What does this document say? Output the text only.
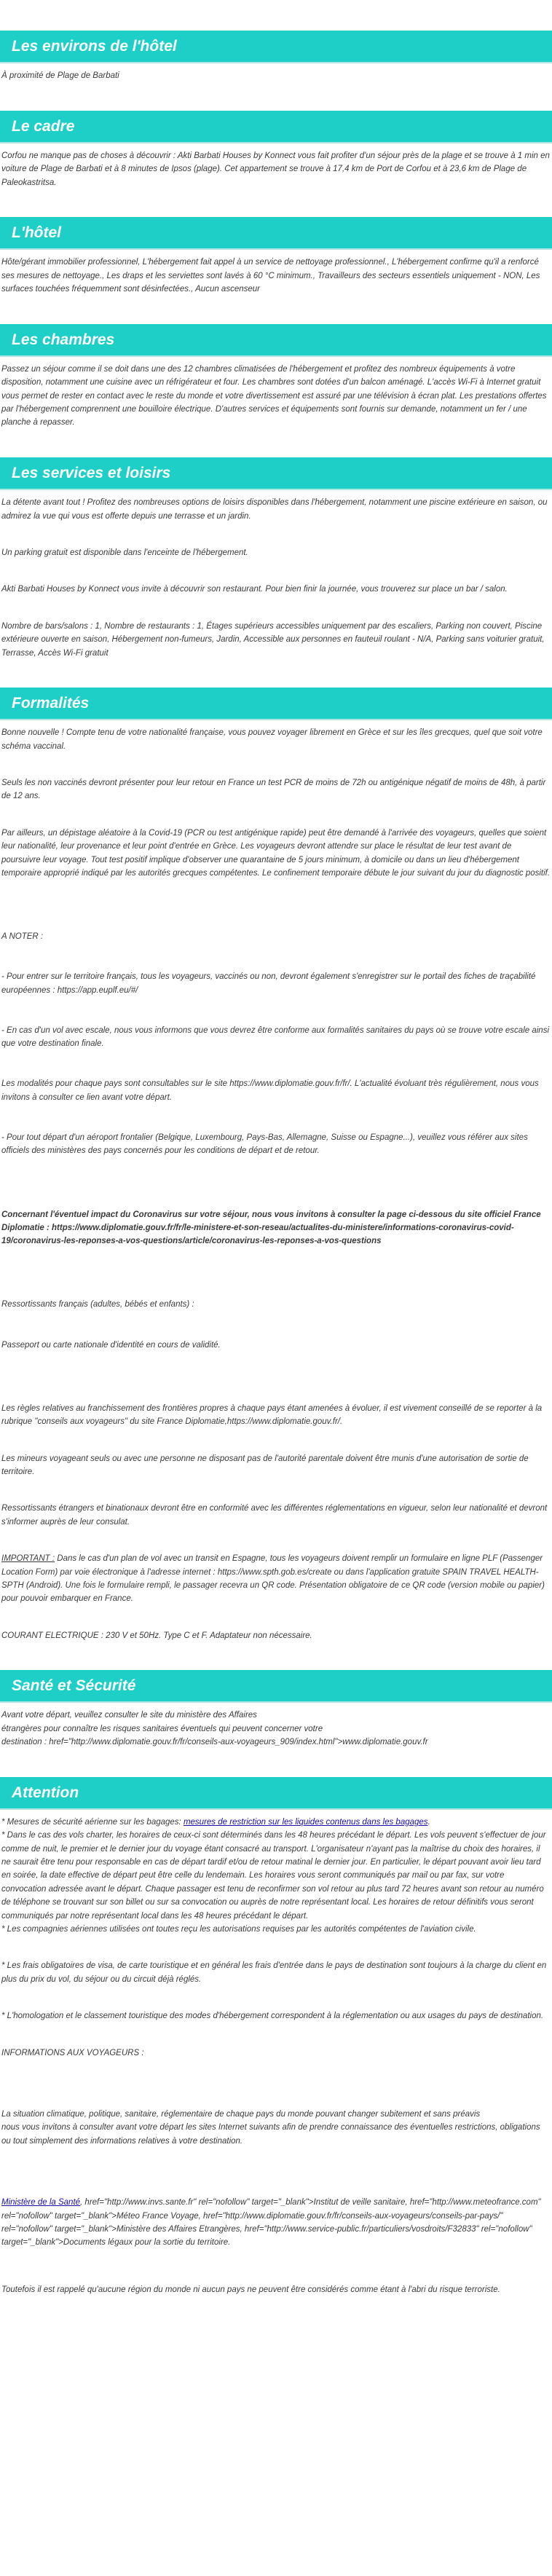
Les environs de l'hôtel

À proximité de Plage de Barbati

Le cadre

Corfou ne manque pas de choses à découvrir : Akti Barbati Houses by Konnect vous fait profiter d'un séjour près de la plage et se trouve à 1 min en voiture de Plage de Barbati et à 8 minutes de Ipsos (plage). Cet appartement se trouve à 17,4 km de Port de Corfou et à 23,6 km de Plage de Paleokastritsa.

L'hôtel

Hôte/gérant immobilier professionnel, L'hébergement fait appel à un service de nettoyage professionnel., L'hébergement confirme qu'il a renforcé ses mesures de nettoyage., Les draps et les serviettes sont lavés à 60 °C minimum., Travailleurs des secteurs essentiels uniquement - NON, Les surfaces touchées fréquemment sont désinfectées., Aucun ascenseur

Les chambres

Passez un séjour comme il se doit dans une des 12 chambres climatisées de l'hébergement et profitez des nombreux équipements à votre disposition, notamment une cuisine avec un réfrigérateur et four. Les chambres sont dotées d'un balcon aménagé. L'accès Wi-Fi à Internet gratuit vous permet de rester en contact avec le reste du monde et votre divertissement est assuré par une télévision à écran plat. Les prestations offertes par l'hébergement comprennent une bouilloire électrique. D'autres services et équipements sont fournis sur demande, notamment un fer / une planche à repasser.

Les services et loisirs

La détente avant tout ! Profitez des nombreuses options de loisirs disponibles dans l'hébergement, notamment une piscine extérieure en saison, ou admirez la vue qui vous est offerte depuis une terrasse et un jardin.

Un parking gratuit est disponible dans l'enceinte de l'hébergement.

Akti Barbati Houses by Konnect vous invite à découvrir son restaurant. Pour bien finir la journée, vous trouverez sur place un bar / salon.

Nombre de bars/salons : 1, Nombre de restaurants : 1, Étages supérieurs accessibles uniquement par des escaliers, Parking non couvert, Piscine extérieure ouverte en saison, Hébergement non-fumeurs, Jardin, Accessible aux personnes en fauteuil roulant - N/A, Parking sans voiturier gratuit, Terrasse, Accès Wi-Fi gratuit

Formalités

Bonne nouvelle ! Compte tenu de votre nationalité française, vous pouvez voyager librement en Grèce et sur les îles grecques, quel que soit votre schéma vaccinal.

Seuls les non vaccinés devront présenter pour leur retour en France un test PCR de moins de 72h ou antigénique négatif de moins de 48h, à partir de 12 ans.

Par ailleurs, un dépistage aléatoire à la Covid-19 (PCR ou test antigénique rapide) peut être demandé à l'arrivée des voyageurs, quelles que soient leur nationalité, leur provenance et leur point d'entrée en Grèce. Les voyageurs devront attendre sur place le résultat de leur test avant de poursuivre leur voyage. Tout test positif implique d'observer une quarantaine de 5 jours minimum, à domicile ou dans un lieu d'hébergement temporaire approprié indiqué par les autorités grecques compétentes. Le confinement temporaire débute le jour suivant du jour du diagnostic positif.

A NOTER :

- Pour entrer sur le territoire français, tous les voyageurs, vaccinés ou non, devront également s'enregistrer sur le portail des fiches de traçabilité européennes : https://app.euplf.eu/#/

- En cas d'un vol avec escale, nous vous informons que vous devrez être conforme aux formalités sanitaires du pays où se trouve votre escale ainsi que votre destination finale.

Les modalités pour chaque pays sont consultables sur le site https://www.diplomatie.gouv.fr/fr/. L'actualité évoluant très régulièrement, nous vous invitons à consulter ce lien avant votre départ.

- Pour tout départ d'un aéroport frontalier (Belgique, Luxembourg, Pays-Bas, Allemagne, Suisse ou Espagne...), veuillez vous référer aux sites officiels des ministères des pays concernés pour les conditions de départ et de retour.

Concernant l'éventuel impact du Coronavirus sur votre séjour, nous vous invitons à consulter la page ci-dessous du site officiel France Diplomatie : https://www.diplomatie.gouv.fr/fr/le-ministere-et-son-reseau/actualites-du-ministere/informations-coronavirus-covid-19/coronavirus-les-reponses-a-vos-questions/article/coronavirus-les-reponses-a-vos-questions

Ressortissants français (adultes, bébés et enfants) :

Passeport ou carte nationale d'identité en cours de validité.

Les règles relatives au franchissement des frontières propres à chaque pays étant amenées à évoluer, il est vivement conseillé de se reporter à la rubrique "conseils aux voyageurs" du site France Diplomatie,https://www.diplomatie.gouv.fr/.

Les mineurs voyageant seuls ou avec une personne ne disposant pas de l'autorité parentale doivent être munis d'une autorisation de sortie de territoire.

Ressortissants étrangers et binationaux devront être en conformité avec les différentes réglementations en vigueur, selon leur nationalité et devront s'informer auprès de leur consulat.

IMPORTANT : Dans le cas d'un plan de vol avec un transit en Espagne, tous les voyageurs doivent remplir un formulaire en ligne PLF (Passenger Location Form) par voie électronique à l'adresse internet : https://www.spth.gob.es/create ou dans l'application gratuite SPAIN TRAVEL HEALTH-SPTH (Android). Une fois le formulaire rempli, le passager recevra un QR code. Présentation obligatoire de ce QR code (version mobile ou papier) pour pouvoir embarquer en France.

COURANT ELECTRIQUE : 230 V et 50Hz. Type C et F. Adaptateur non nécessaire.

Santé et Sécurité

Avant votre départ, veuillez consulter le site du ministère des Affaires
étrangères pour connaître les risques sanitaires éventuels qui peuvent concerner votre
destination : href="http://www.diplomatie.gouv.fr/fr/conseils-aux-voyageurs_909/index.html">www.diplomatie.gouv.fr

Attention

* Mesures de sécurité aérienne sur les bagages: mesures de restriction sur les liquides contenus dans les bagages.
* Dans le cas des vols charter, les horaires de ceux-ci sont déterminés dans les 48 heures précédant le départ. Les vols peuvent s'effectuer de jour comme de nuit, le premier et le dernier jour du voyage étant consacré au transport. L'organisateur n'ayant pas la maîtrise du choix des horaires, il ne saurait être tenu pour responsable en cas de départ tardif et/ou de retour matinal le dernier jour. En particulier, le départ pouvant avoir lieu tard en soirée, la date effective de départ peut être celle du lendemain. Les horaires vous seront communiqués par mail ou par fax, sur votre convocation adressée avant le départ. Chaque passager est tenu de reconfirmer son vol retour au plus tard 72 heures avant son retour au numéro de téléphone se trouvant sur son billet ou sur sa convocation ou auprès de notre représentant local. Les horaires de retour définitifs vous seront communiqués par notre représentant local dans les 48 heures précédant le départ.
* Les compagnies aériennes utilisées ont toutes reçu les autorisations requises par les autorités compétentes de l'aviation civile.

* Les frais obligatoires de visa, de carte touristique et en général les frais d'entrée dans le pays de destination sont toujours à la charge du client en plus du prix du vol, du séjour ou du circuit déjà réglés.

* L'homologation et le classement touristique des modes d'hébergement correspondent à la réglementation ou aux usages du pays de destination.

INFORMATIONS AUX VOYAGEURS :

La situation climatique, politique, sanitaire, réglementaire de chaque pays du monde pouvant changer subitement et sans préavis
nous vous invitons à consulter avant votre départ les sites Internet suivants afin de prendre connaissance des éventuelles restrictions, obligations ou tout simplement des informations relatives à votre destination.

Ministère de la Santé, href="http://www.invs.sante.fr" rel="nofollow" target="_blank">Institut de veille sanitaire, href="http://www.meteofrance.com" rel="nofollow" target="_blank">Méteo France Voyage, href="http://www.diplomatie.gouv.fr/fr/conseils-aux-voyageurs/conseils-par-pays/" rel="nofollow" target="_blank">Ministère des Affaires Etrangères, href="http://www.service-public.fr/particuliers/vosdroits/F32833" rel="nofollow" target="_blank">Documents légaux pour la sortie du territoire.

Toutefois il est rappelé qu'aucune région du monde ni aucun pays ne peuvent être considérés comme étant à l'abri du risque terroriste.
